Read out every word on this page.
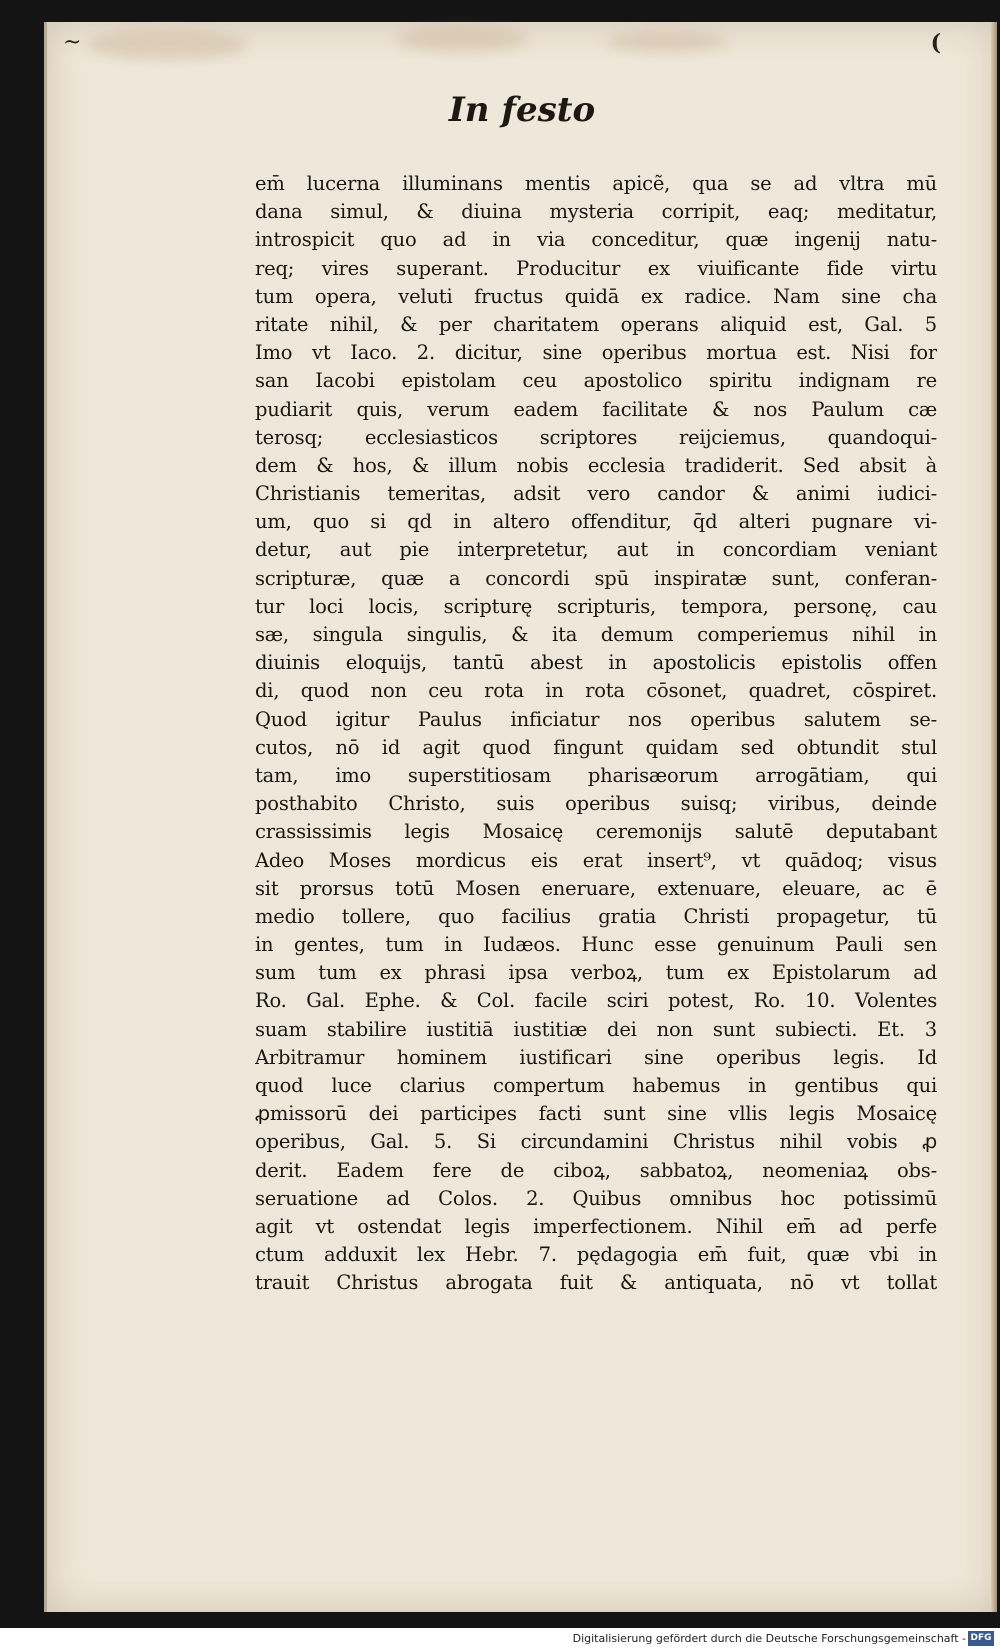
~	(
In festo
em̄ lucerna illuminans mentis apicẽ, qua se ad vltra mū
dana simul, & diuina mysteria corripit, eaq; meditatur,
introspicit quo ad in via conceditur, quæ ingenij natu-
req; vires superant. Producitur ex viuificante fide virtu
tum opera, veluti fructus quidā ex radice. Nam sine cha
ritate nihil, & per charitatem operans aliquid est, Gal. 5
Imo vt Iaco. 2. dicitur, sine operibus mortua est. Nisi for
san Iacobi epistolam ceu apostolico spiritu indignam re
pudiarit quis, verum eadem facilitate & nos Paulum cæ
terosq; ecclesiasticos scriptores reijciemus, quandoqui-
dem & hos, & illum nobis ecclesia tradiderit. Sed absit à
Christianis temeritas, adsit vero candor & animi iudici-
um, quo si qd in altero offenditur, q̄d alteri pugnare vi-
detur, aut pie interpretetur, aut in concordiam veniant
scripturæ, quæ a concordi spū inspiratæ sunt, conferan-
tur loci locis, scripturę scripturis, tempora, personę, cau
sæ, singula singulis, & ita demum comperiemus nihil in
diuinis eloquijs, tantū abest in apostolicis epistolis offen
di, quod non ceu rota in rota cōsonet, quadret, cōspiret.
Quod igitur Paulus inficiatur nos operibus salutem se-
cutos, nō id agit quod fingunt quidam sed obtundit stul
tam, imo superstitiosam pharisæorum arrogātiam, qui
posthabito Christo, suis operibus suisq; viribus, deinde
crassissimis legis Mosaicę ceremonijs salutē deputabant
Adeo Moses mordicus eis erat insert⁹, vt quādoq; visus
sit prorsus totū Mosen eneruare, extenuare, eleuare, ac ē
medio tollere, quo facilius gratia Christi propagetur, tū
in gentes, tum in Iudæos. Hunc esse genuinum Pauli sen
sum tum ex phrasi ipsa verboꝝ, tum ex Epistolarum ad
Ro. Gal. Ephe. & Col. facile sciri potest, Ro. 10. Volentes
suam stabilire iustitiā iustitiæ dei non sunt subiecti. Et. 3
Arbitramur hominem iustificari sine operibus legis. Id
quod luce clarius compertum habemus in gentibus qui
ꝓmissorū dei participes facti sunt sine vllis legis Mosaicę
operibus, Gal. 5. Si circundamini Christus nihil vobis ꝓ
derit. Eadem fere de ciboꝝ, sabbatoꝝ, neomeniaꝝ obs-
seruatione ad Colos. 2. Quibus omnibus hoc potissimū
agit vt ostendat legis imperfectionem. Nihil em̄ ad perfe
ctum adduxit lex Hebr. 7. pędagogia em̄ fuit, quæ vbi in
trauit Christus abrogata fuit & antiquata, nō vt tollat
Digitalisierung gefördert durch die Deutsche Forschungsgemeinschaft - DFG
